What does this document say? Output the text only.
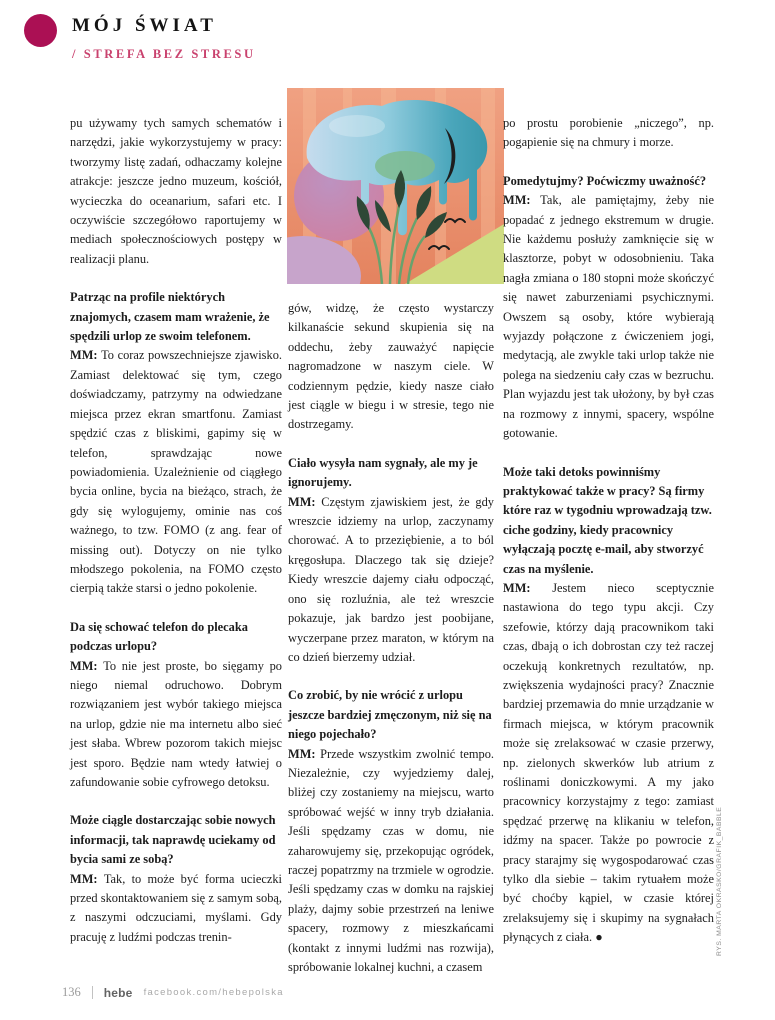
MÓJ ŚWIAT
/ STREFA BEZ STRESU

pu używamy tych samych schematów i narzędzi, jakie wykorzystujemy w pracy: tworzymy listę zadań, odhaczamy kolejne atrakcje: jeszcze jedno muzeum, kościół, wycieczka do oceanarium, safari etc. I oczywiście szczegółowo raportujemy w mediach społecznościowych postępy w realizacji planu.

Patrząc na profile niektórych znajomych, czasem mam wrażenie, że spędzili urlop ze swoim telefonem.

MM: To coraz powszechniejsze zjawisko. Zamiast delektować się tym, czego doświadczamy, patrzymy na odwiedzane miejsca przez ekran smartfonu. Zamiast spędzić czas z bliskimi, gapimy się w telefon, sprawdzając nowe powiadomienia. Uzależnienie od ciągłego bycia online, bycia na bieżąco, strach, że gdy się wylogujemy, ominie nas coś ważnego, to tzw. FOMO (z ang. fear of missing out). Dotyczy on nie tylko młodszego pokolenia, na FOMO często cierpią także starsi o jedno pokolenie.

Da się schować telefon do plecaka podczas urlopu?

MM: To nie jest proste, bo sięgamy po niego niemal odruchowo. Dobrym rozwiązaniem jest wybór takiego miejsca na urlop, gdzie nie ma internetu albo sieć jest słaba. Wbrew pozorom takich miejsc jest sporo. Będzie nam wtedy łatwiej o zafundowanie sobie cyfrowego detoksu.

Może ciągle dostarczając sobie nowych informacji, tak naprawdę uciekamy od bycia sami ze sobą?

MM: Tak, to może być forma ucieczki przed skontaktowaniem się z samym sobą, z naszymi odczuciami, myślami. Gdy pracuję z ludźmi podczas trenin-

gów, widzę, że często wystarczy kilkanaście sekund skupienia się na oddechu, żeby zauważyć napięcie nagromadzone w naszym ciele. W codziennym pędzie, kiedy nasze ciało jest ciągle w biegu i w stresie, tego nie dostrzegamy.

Ciało wysyła nam sygnały, ale my je ignorujemy.

MM: Częstym zjawiskiem jest, że gdy wreszcie idziemy na urlop, zaczynamy chorować. A to przeziębienie, a to ból kręgosłupa. Dlaczego tak się dzieje? Kiedy wreszcie dajemy ciału odpocząć, ono się rozluźnia, ale też wreszcie pokazuje, jak bardzo jest poobijane, wyczerpane przez maraton, w którym na co dzień bierzemy udział.

Co zrobić, by nie wrócić z urlopu jeszcze bardziej zmęczonym, niż się na niego pojechało?

MM: Przede wszystkim zwolnić tempo. Niezależnie, czy wyjedziemy dalej, bliżej czy zostaniemy na miejscu, warto spróbować wejść w inny tryb działania. Jeśli spędzamy czas w domu, nie zaharowujemy się, przekopując ogródek, raczej popatrzmy na trzmiele w ogrodzie. Jeśli spędzamy czas w domku na rajskiej plaży, dajmy sobie przestrzeń na leniwe spacery, rozmowy z mieszkańcami (kontakt z innymi ludźmi nas rozwija), spróbowanie lokalnej kuchni, a czasem

po prostu porobienie „niczego”, np. pogapienie się na chmury i morze.

Pomedytujmy? Poćwiczmy uważność?

MM: Tak, ale pamiętajmy, żeby nie popadać z jednego ekstremum w drugie. Nie każdemu posłuży zamknięcie się w klasztorze, pobyt w odosobnieniu. Taka nagła zmiana o 180 stopni może skończyć się nawet zaburzeniami psychicznymi. Owszem są osoby, które wybierają wyjazdy połączone z ćwiczeniem jogi, medytacją, ale zwykle taki urlop także nie polega na siedzeniu cały czas w bezruchu. Plan wyjazdu jest tak ułożony, by był czas na rozmowy z innymi, spacery, wspólne gotowanie.

Może taki detoks powinniśmy praktykować także w pracy? Są firmy które raz w tygodniu wprowadzają tzw. ciche godziny, kiedy pracownicy wyłączają pocztę e-mail, aby stworzyć czas na myślenie.

MM: Jestem nieco sceptycznie nastawiona do tego typu akcji. Czy szefowie, którzy dają pracownikom taki czas, dbają o ich dobrostan czy też raczej oczekują konkretnych rezultatów, np. zwiększenia wydajności pracy? Znacznie bardziej przemawia do mnie urządzanie w firmach miejsca, w którym pracownik może się zrelaksować w czasie przerwy, np. zielonych skwerków lub atrium z roślinami doniczkowymi. A my jako pracownicy korzystajmy z tego: zamiast spędzać przerwę na klikaniu w telefon, idźmy na spacer. Także po powrocie z pracy starajmy się wygospodarować czas tylko dla siebie – takim rytuałem może być choćby kąpiel, w czasie której zrelaksujemy się i skupimy na sygnałach płynących z ciała. ●	RYS. MARTA OKRASKO/GRAFIK_BABBLE
136 hebe facebook.com/hebepolska
